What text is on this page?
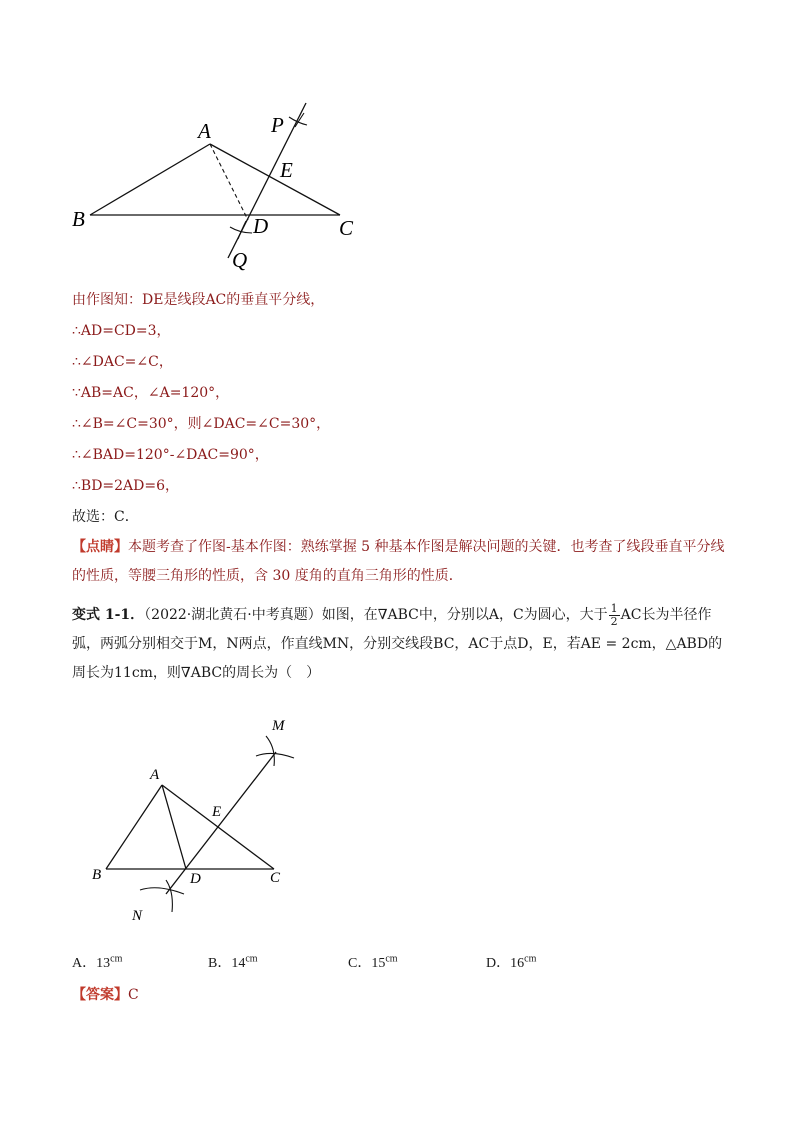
A	P
E
B	D	C
Q
由作图知：DE是线段AC的垂直平分线，
∴AD=CD=3，
∴∠DAC=∠C，
∵AB=AC，∠A=120°，
∴∠B=∠C=30°，则∠DAC=∠C=30°，
∴∠BAD=120°-∠DAC=90°，
∴BD=2AD=6，
故选：C．
【点睛】本题考查了作图-基本作图：熟练掌握 5 种基本作图是解决问题的关键．也考查了线段垂直平分线的性质，等腰三角形的性质，含 30 度角的直角三角形的性质．
变式 1-1．（2022·湖北黄石·中考真题）如图，在∇ABC中，分别以A，C为圆心，大于 $\frac{1}{2}$ AC长为半径作弧，两弧分别相交于M，N两点，作直线MN，分别交线段BC，AC于点D，E，若AE = 2cm，△ABD的周长为11cm，则∇ABC的周长为（　）
M
A
E
B	D	C
N
A．$13^{cm}$	B．$14^{cm}$	C．$15^{cm}$	D．$16^{cm}$
【答案】C
